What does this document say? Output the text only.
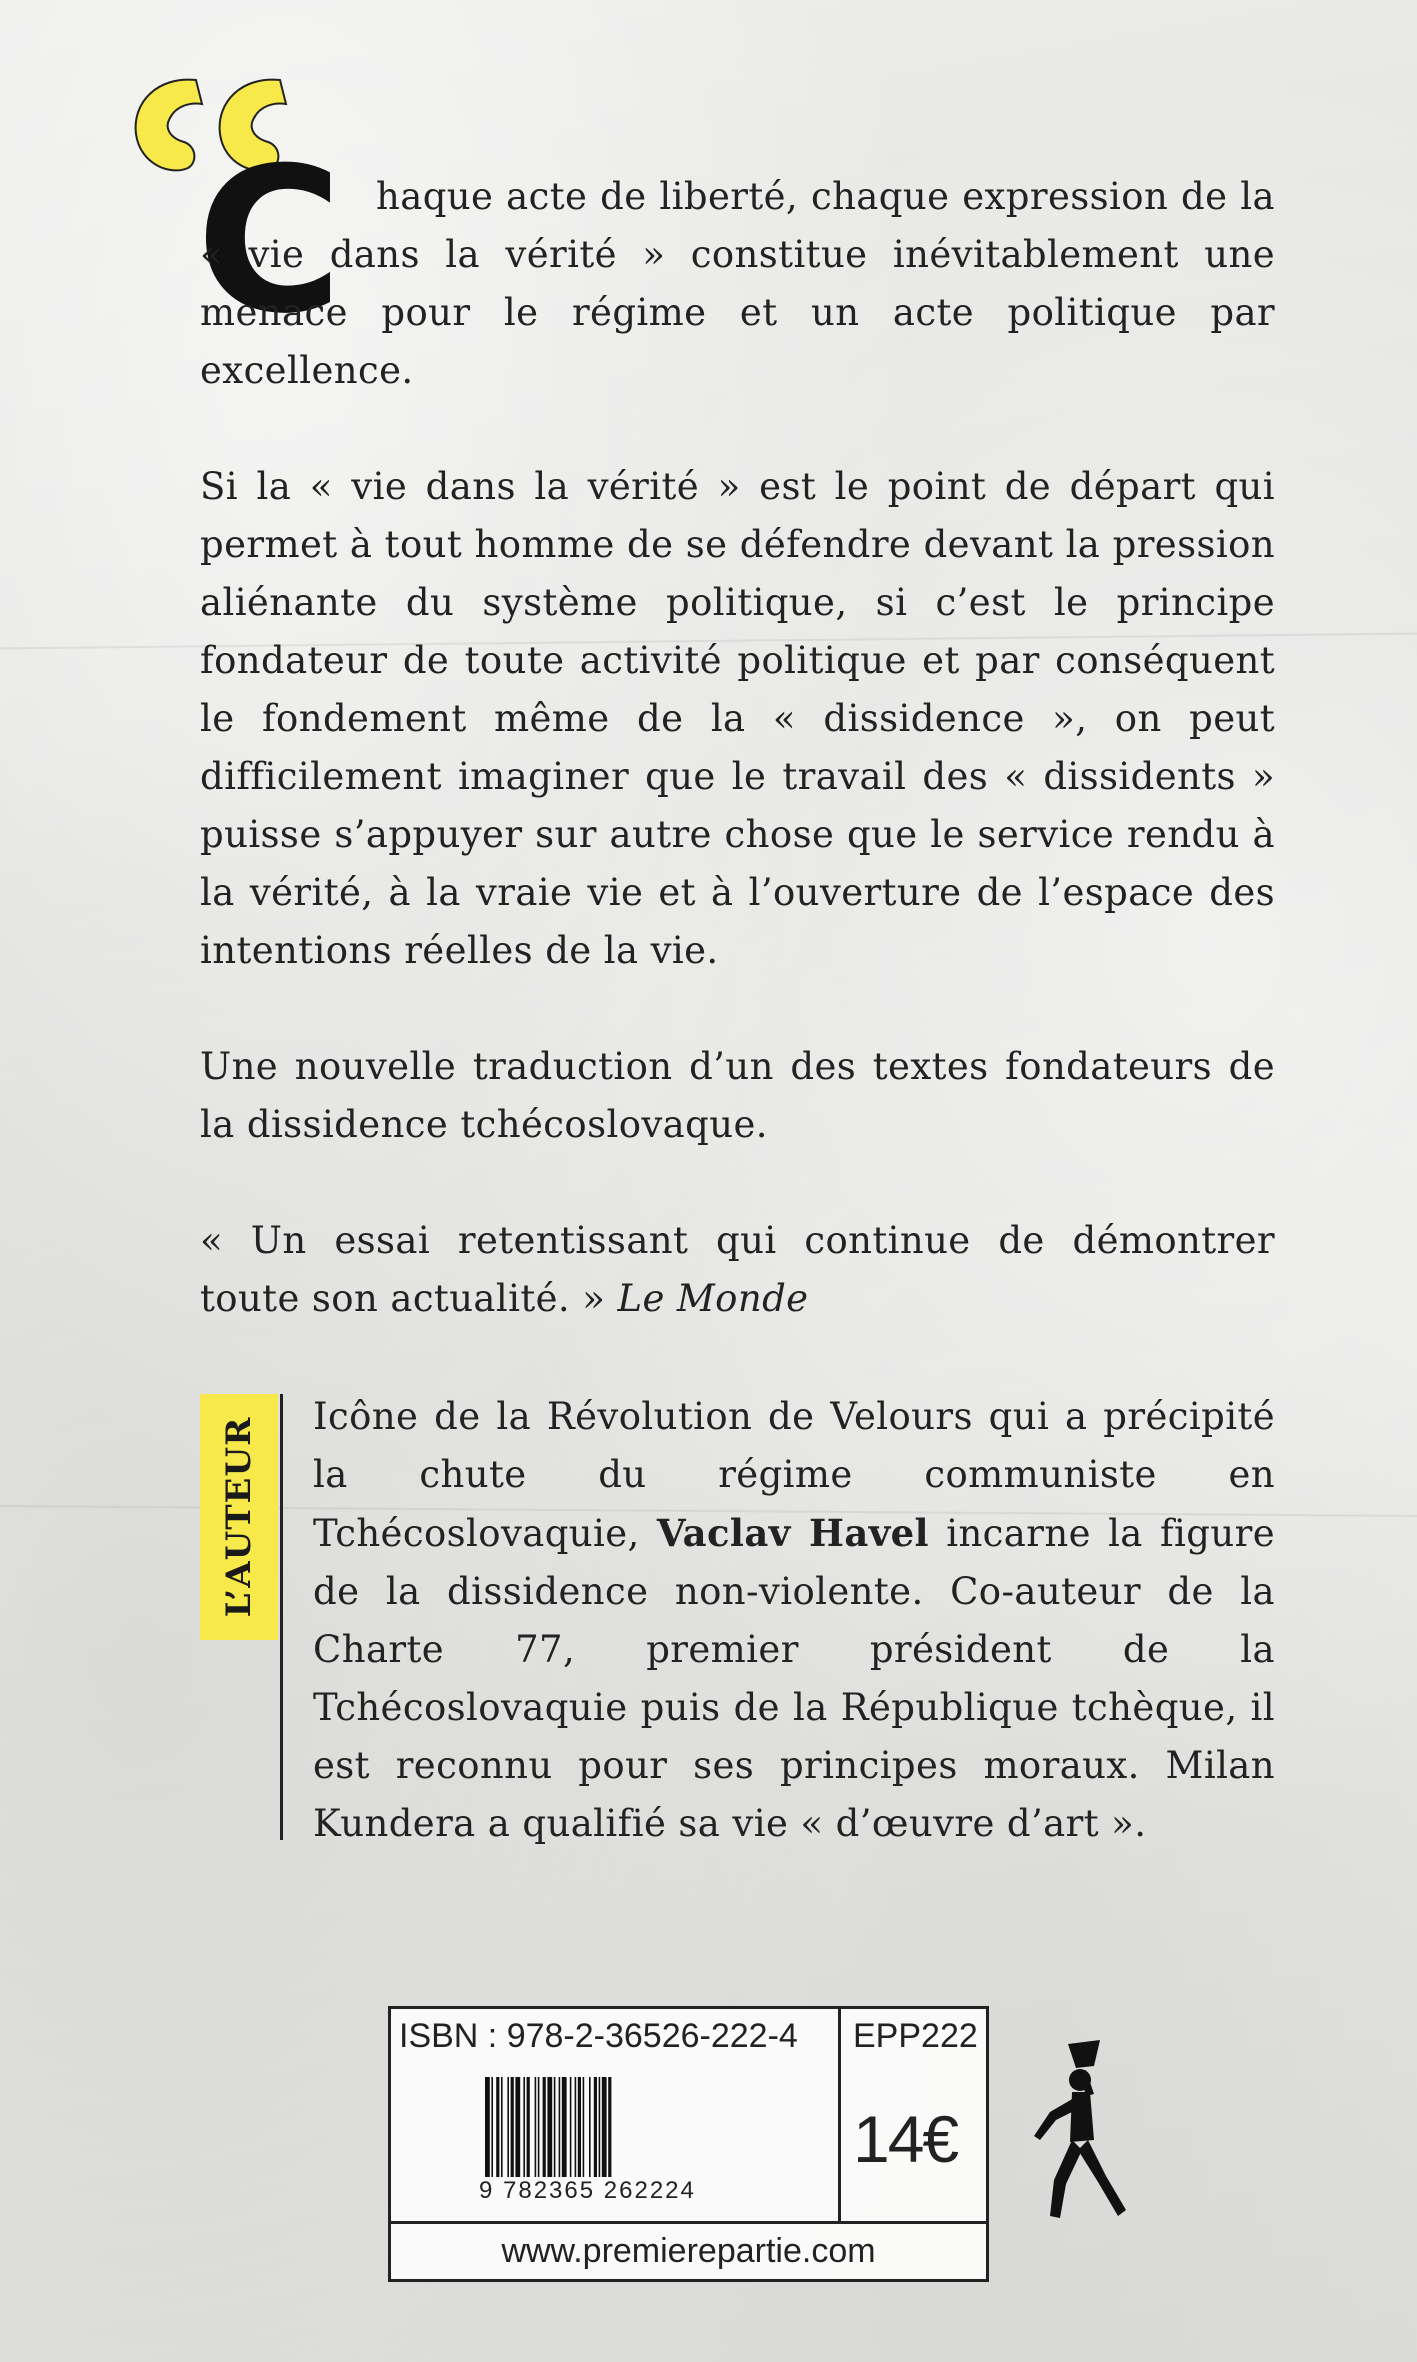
C haque acte de liberté, chaque expression de la « vie dans la vérité » constitue inévitablement une menace pour le régime et un acte politique par excellence.

Si la « vie dans la vérité » est le point de départ qui permet à tout homme de se défendre devant la pression aliénante du système politique, si c’est le principe fondateur de toute activité politique et par conséquent le fondement même de la « dissidence », on peut difficilement imaginer que le travail des « dissidents » puisse s’appuyer sur autre chose que le service rendu à la vérité, à la vraie vie et à l’ouverture de l’espace des intentions réelles de la vie.

Une nouvelle traduction d’un des textes fondateurs de la dissidence tchécoslovaque.

« Un essai retentissant qui continue de démontrer toute son actualité. » Le Monde

L’AUTEUR
Icône de la Révolution de Velours qui a précipité la chute du régime communiste en Tchécoslovaquie, Vaclav Havel incarne la figure de la dissidence non-violente. Co-auteur de la Charte 77, premier président de la Tchécoslovaquie puis de la République tchèque, il est reconnu pour ses principes moraux. Milan Kundera a qualifié sa vie « d’œuvre d’art ».
ISBN : 978-2-36526-222-4
9 782365 262224
EPP222
14€
www.premierepartie.com
